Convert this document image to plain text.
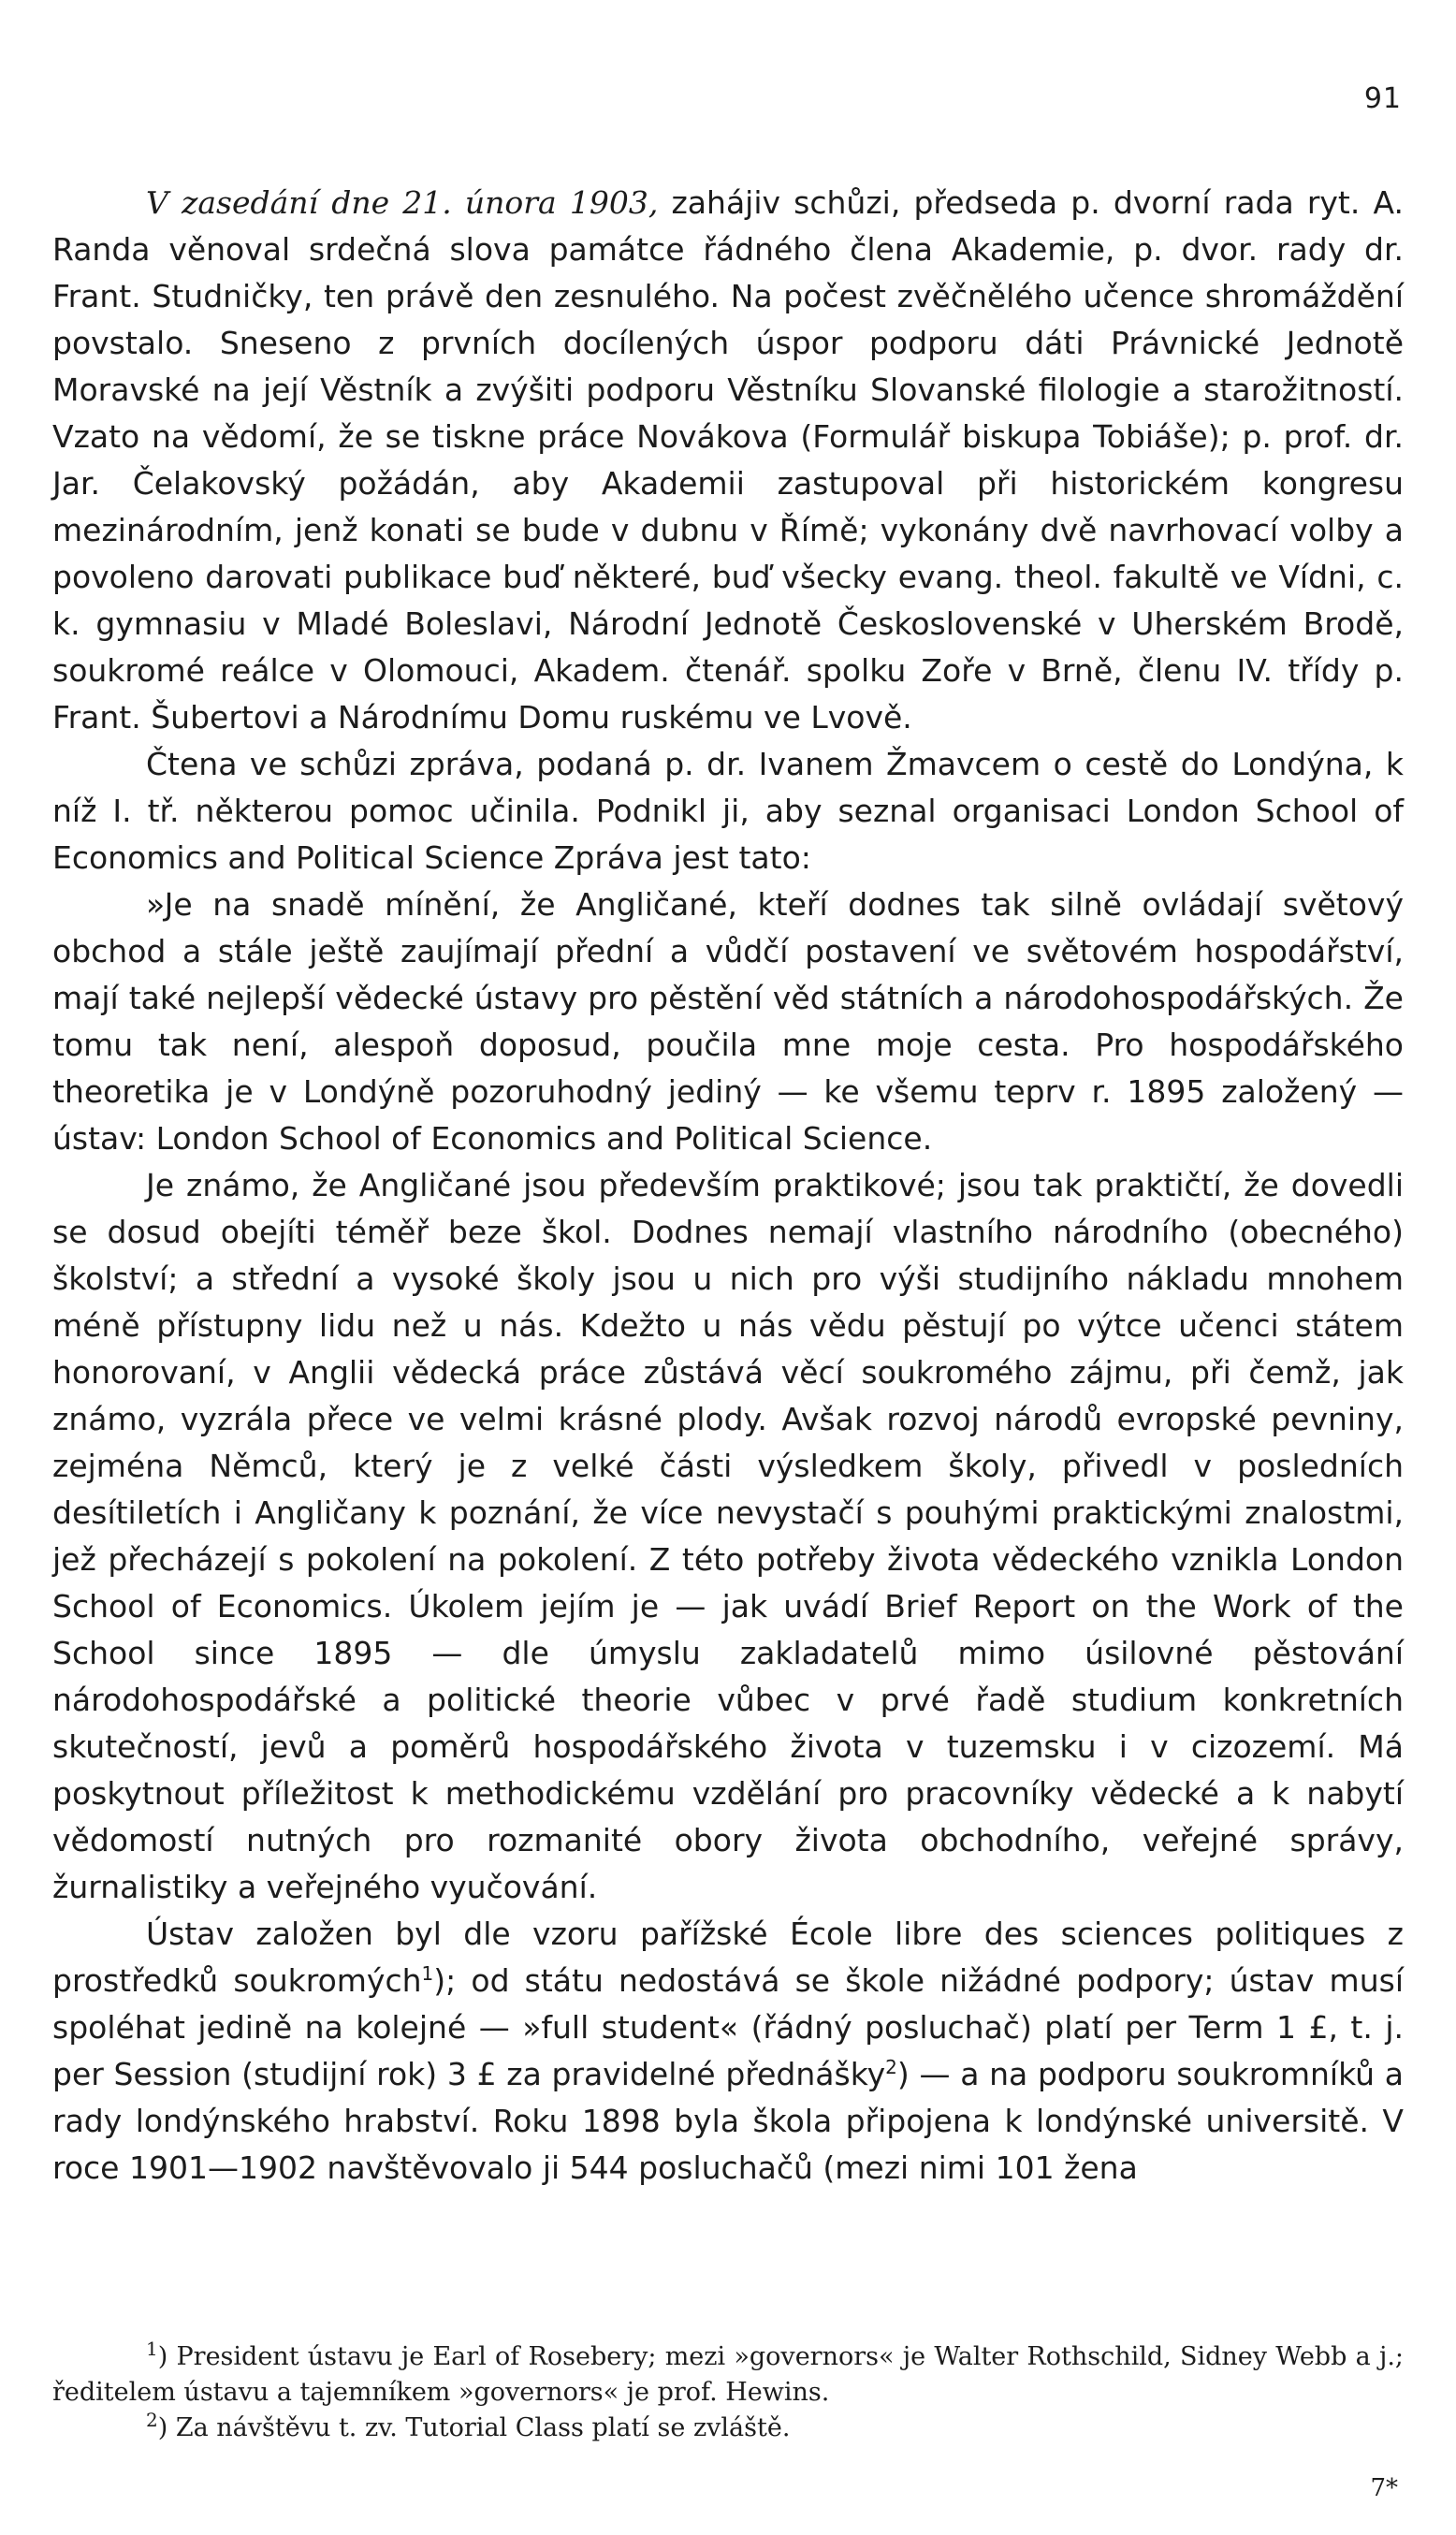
91

V zasedání dne 21. února 1903, zahájiv schůzi, předseda p. dvorní rada ryt. A. Randa věnoval srdečná slova památce řádného člena Akademie, p. dvor. rady dr. Frant. Studničky, ten právě den zesnulého. Na počest zvěčnělého učence shromáždění povstalo. Sneseno z prvních docílených úspor podporu dáti Právnické Jednotě Moravské na její Věstník a zvýšiti podporu Věstníku Slovanské filologie a starožitností. Vzato na vědomí, že se tiskne práce Novákova (Formulář biskupa Tobiáše); p. prof. dr. Jar. Čelakovský požádán, aby Akademii zastupoval při historickém kongresu mezinárodním, jenž konati se bude v dubnu v Římě; vykonány dvě navrhovací volby a povoleno darovati publikace buď některé, buď všecky evang. theol. fakultě ve Vídni, c. k. gymnasiu v Mladé Boleslavi, Národní Jednotě Československé v Uherském Brodě, soukromé reálce v Olomouci, Akadem. čtenář. spolku Zoře v Brně, členu IV. třídy p. Frant. Šubertovi a Národnímu Domu ruskému ve Lvově.

Čtena ve schůzi zpráva, podaná p. dr. Ivanem Žmavcem o cestě do Londýna, k níž I. tř. některou pomoc učinila. Podnikl ji, aby seznal organisaci London School of Economics and Political Science Zpráva jest tato:

»Je na snadě mínění, že Angličané, kteří dodnes tak silně ovládají světový obchod a stále ještě zaujímají přední a vůdčí postavení ve světovém hospodářství, mají také nejlepší vědecké ústavy pro pěstění věd státních a národohospodářských. Že tomu tak není, alespoň doposud, poučila mne moje cesta. Pro hospodářského theoretika je v Londýně pozoruhodný jediný — ke všemu teprv r. 1895 založený — ústav: London School of Economics and Political Science.

Je známo, že Angličané jsou především praktikové; jsou tak praktičtí, že dovedli se dosud obejíti téměř beze škol. Dodnes nemají vlastního národního (obecného) školství; a střední a vysoké školy jsou u nich pro výši studijního nákladu mnohem méně přístupny lidu než u nás. Kdežto u nás vědu pěstují po výtce učenci státem honorovaní, v Anglii vědecká práce zůstává věcí soukromého zájmu, při čemž, jak známo, vyzrála přece ve velmi krásné plody. Avšak rozvoj národů evropské pevniny, zejména Němců, který je z velké části výsledkem školy, přivedl v posledních desítiletích i Angličany k poznání, že více nevystačí s pouhými praktickými znalostmi, jež přecházejí s pokolení na pokolení. Z této potřeby života vědeckého vznikla London School of Economics. Úkolem jejím je — jak uvádí Brief Report on the Work of the School since 1895 — dle úmyslu zakladatelů mimo úsilovné pěstování národohospodářské a politické theorie vůbec v prvé řadě studium konkretních skutečností, jevů a poměrů hospodářského života v tuzemsku i v cizozemí. Má poskytnout příležitost k methodickému vzdělání pro pracovníky vědecké a k nabytí vědomostí nutných pro rozmanité obory života obchodního, veřejné správy, žurnalistiky a veřejného vyučování.

Ústav založen byl dle vzoru pařížské École libre des sciences politiques z prostředků soukromých$^1$); od státu nedostává se škole nižádné podpory; ústav musí spoléhat jedině na kolejné — »full student« (řádný posluchač) platí per Term 1 £, t. j. per Session (studijní rok) 3 £ za pravidelné přednášky$^2$) — a na podporu soukromníků a rady londýnského hrabství. Roku 1898 byla škola připojena k londýnské universitě. V roce 1901—1902 navštěvovalo ji 544 posluchačů (mezi nimi 101 žena

$^1$) President ústavu je Earl of Rosebery; mezi »governors« je Walter Rothschild, Sidney Webb a j.; ředitelem ústavu a tajemníkem »governors« je prof. Hewins.

$^2$) Za návštěvu t. zv. Tutorial Class platí se zvláště.

7*
